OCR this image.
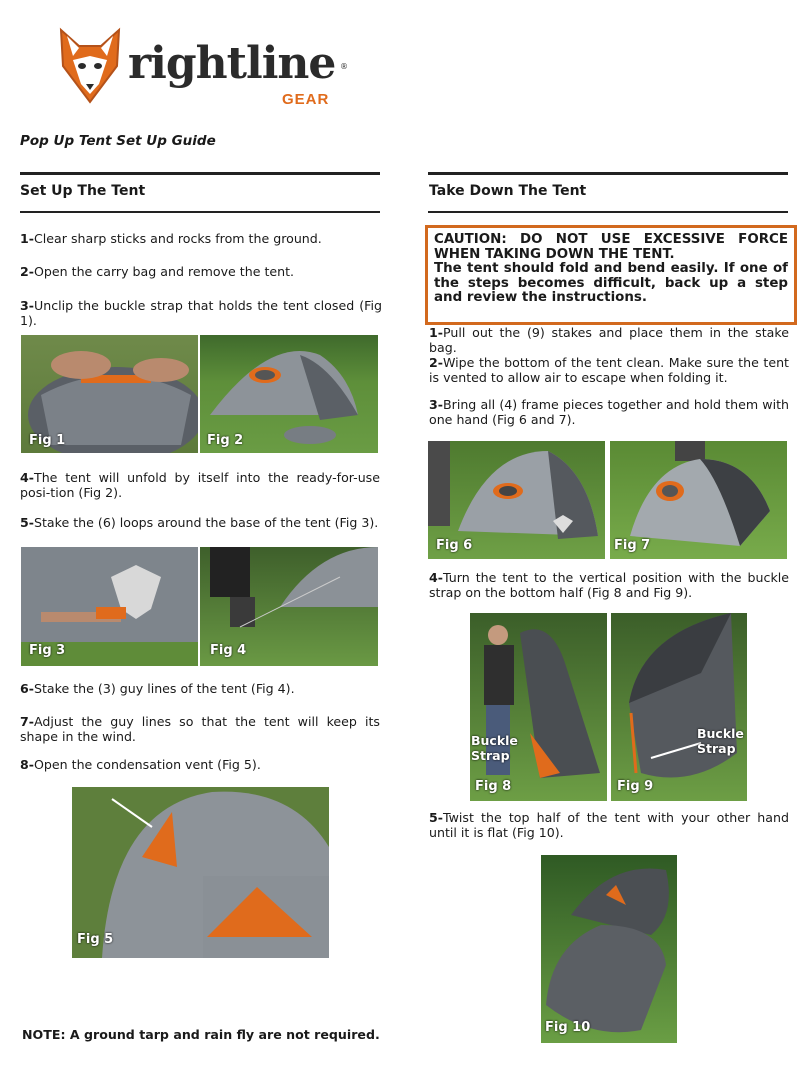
rightline ®
GEAR
Pop Up Tent Set Up Guide
Set Up The Tent	Take Down The Tent
1-Clear sharp sticks and rocks from the ground.
2-Open the carry bag and remove the tent.
3-Unclip the buckle strap that holds the tent closed (Fig 1).
Fig 1	Fig 2
4-The tent will unfold by itself into the ready-for-use posi-tion (Fig 2).
5-Stake the (6) loops around the base of the tent (Fig 3).
Fig 3	Fig 4
6-Stake the (3) guy lines of the tent (Fig 4).
7-Adjust the guy lines so that the tent will keep its shape in the wind.
8-Open the condensation vent (Fig 5).
Fig 5
NOTE: A ground tarp and rain fly are not required.
CAUTION: DO NOT USE EXCESSIVE FORCE WHEN TAKING DOWN THE TENT.
The tent should fold and bend easily. If one of the steps becomes difficult, back up a step and review the instructions.
1-Pull out the (9) stakes and place them in the stake bag.
2-Wipe the bottom of the tent clean. Make sure the tent is vented to allow air to escape when folding it.
3-Bring all (4) frame pieces together and hold them with one hand (Fig 6 and 7).
Fig 6	Fig 7
4-Turn the tent to the vertical position with the buckle strap on the bottom half (Fig 8 and Fig 9).
Buckle Strap
Fig 8
Buckle Strap
Fig 9
5-Twist the top half of the tent with your other hand until it is flat (Fig 10).
Fig 10
